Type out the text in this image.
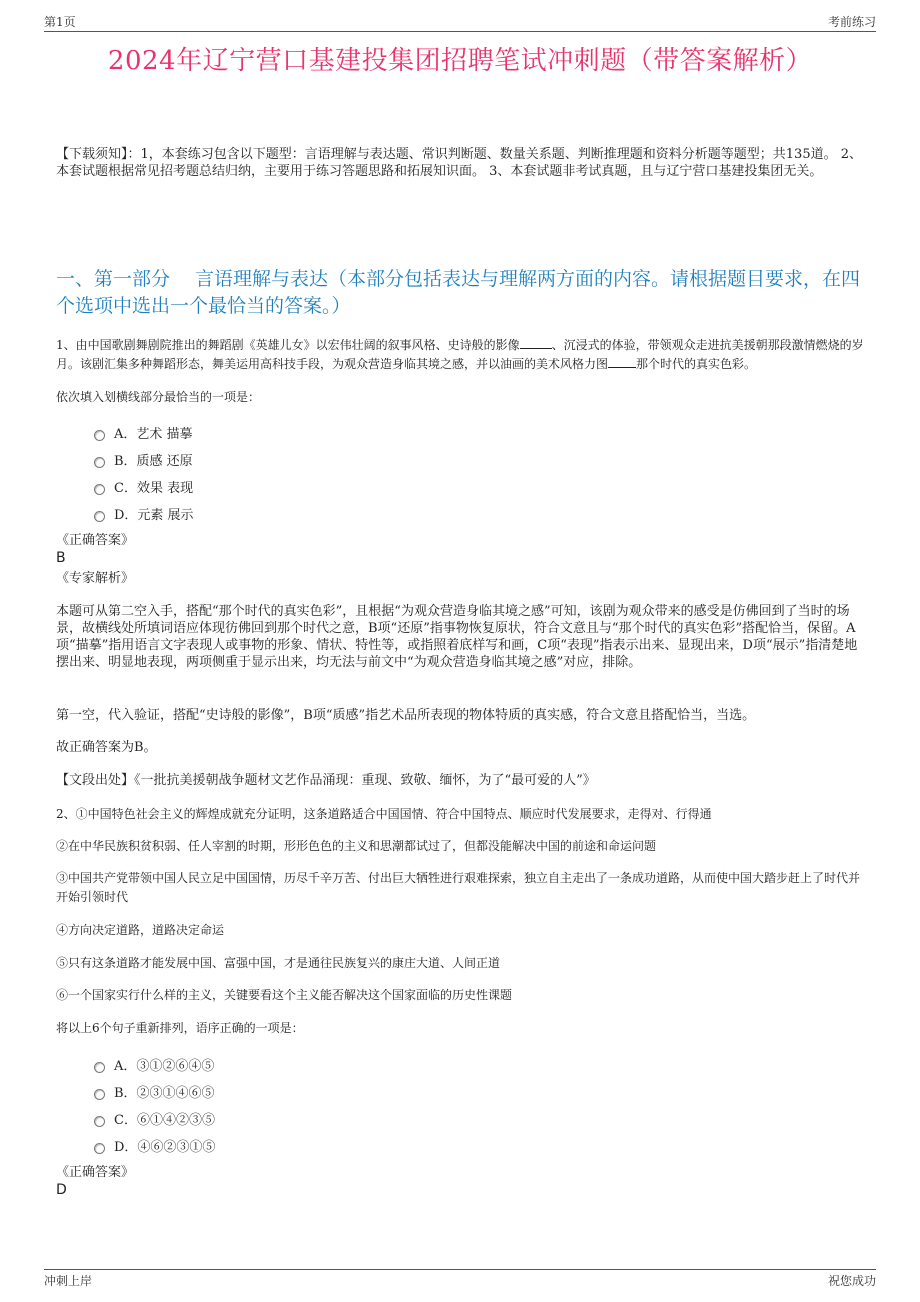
第1页	考前练习
2024年辽宁营口基建投集团招聘笔试冲刺题（带答案解析）
【下载须知】：1，本套练习包含以下题型：言语理解与表达题、常识判断题、数量关系题、判断推理题和资料分析题等题型；共135道。 2、本套试题根据常见招考题总结归纳，主要用于练习答题思路和拓展知识面。 3、本套试题非考试真题，且与辽宁营口基建投集团无关。
一、第一部分　 言语理解与表达（本部分包括表达与理解两方面的内容。请根据题目要求，在四个选项中选出一个最恰当的答案。）
1、由中国歌剧舞剧院推出的舞蹈剧《英雄儿女》以宏伟壮阔的叙事风格、史诗般的影像	、沉浸式的体验，带领观众走进抗美援朝那段激情燃烧的岁月。该剧汇集多种舞蹈形态，舞美运用高科技手段，为观众营造身临其境之感，并以油画的美术风格力图 那个时代的真实色彩。
依次填入划横线部分最恰当的一项是：
A．艺术 描摹
B．质感 还原
C．效果 表现
D．元素 展示
《正确答案》
B
《专家解析》
本题可从第二空入手，搭配“那个时代的真实色彩”，且根据“为观众营造身临其境之感”可知，该剧为观众带来的感受是仿佛回到了当时的场景，故横线处所填词语应体现彷佛回到那个时代之意，B项“还原”指事物恢复原状，符合文意且与“那个时代的真实色彩”搭配恰当，保留。A项“描摹”指用语言文字表现人或事物的形象、情状、特性等，或指照着底样写和画，C项“表现”指表示出来、显现出来，D项“展示”指清楚地摆出来、明显地表现，两项侧重于显示出来，均无法与前文中“为观众营造身临其境之感”对应，排除。
第一空，代入验证，搭配“史诗般的影像”，B项“质感”指艺术品所表现的物体特质的真实感，符合文意且搭配恰当，当选。
故正确答案为B。
【文段出处】《一批抗美援朝战争题材文艺作品涌现：重现、致敬、缅怀，为了“最可爱的人”》
2、①中国特色社会主义的辉煌成就充分证明，这条道路适合中国国情、符合中国特点、顺应时代发展要求，走得对、行得通
②在中华民族积贫积弱、任人宰割的时期，形形色色的主义和思潮都试过了，但都没能解决中国的前途和命运问题
③中国共产党带领中国人民立足中国国情，历尽千辛万苦、付出巨大牺牲进行艰难探索，独立自主走出了一条成功道路，从而使中国大踏步赶上了时代并开始引领时代
④方向决定道路，道路决定命运
⑤只有这条道路才能发展中国、富强中国，才是通往民族复兴的康庄大道、人间正道
⑥一个国家实行什么样的主义，关键要看这个主义能否解决这个国家面临的历史性课题
将以上6个句子重新排列，语序正确的一项是：
A．③①②⑥④⑤
B．②③①④⑥⑤
C．⑥①④②③⑤
D．④⑥②③①⑤
《正确答案》
D
冲刺上岸	祝您成功
